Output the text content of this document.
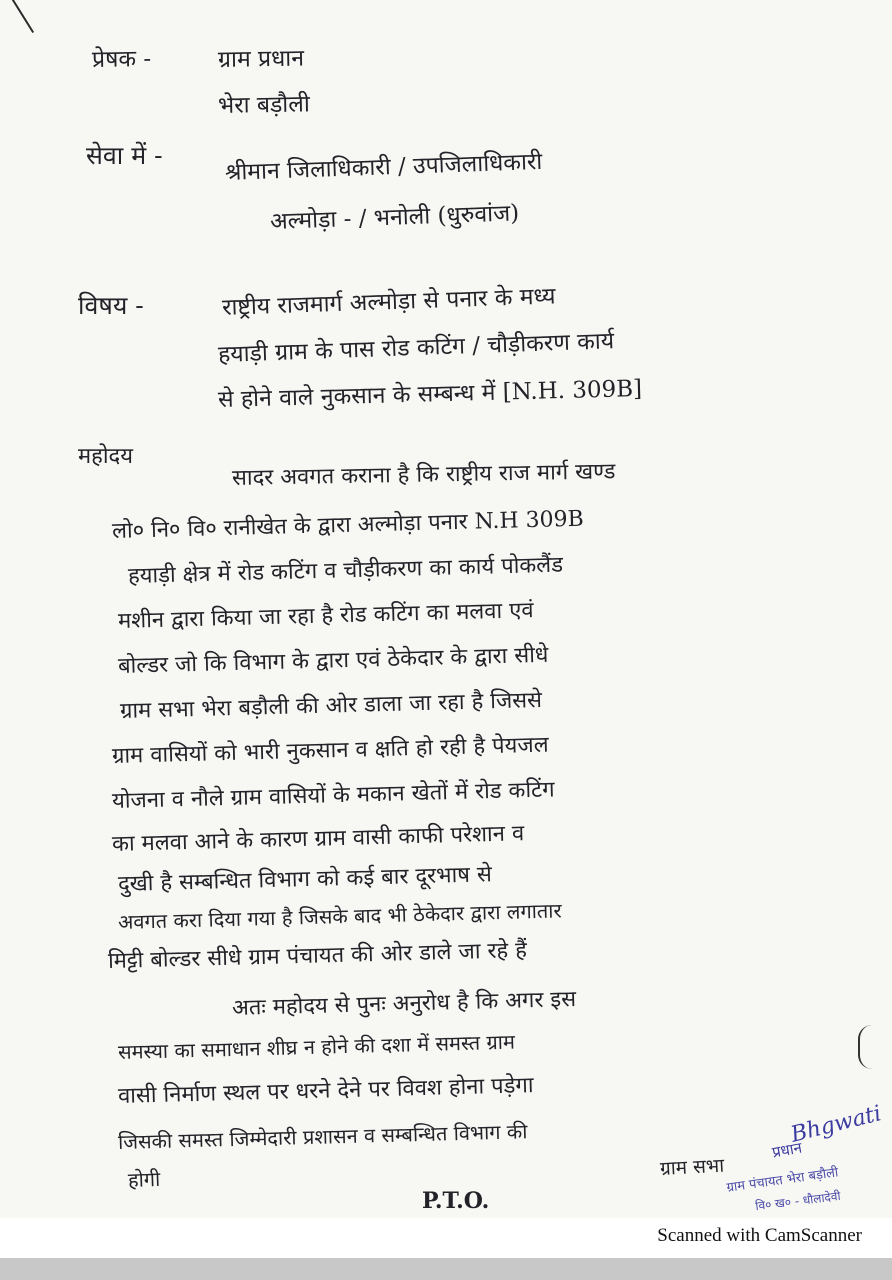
प्रेषक -	ग्राम प्रधान
भेरा बड़ौली
सेवा में -	श्रीमान जिलाधिकारी / उपजिलाधिकारी
अल्मोड़ा - / भनोली (धुरुवांज)
विषय -	राष्ट्रीय राजमार्ग अल्मोड़ा से पनार के मध्य
हयाड़ी ग्राम के पास रोड कटिंग / चौड़ीकरण कार्य
से होने वाले नुकसान के सम्बन्ध में [N.H. 309B]
महोदय
सादर अवगत कराना है कि राष्ट्रीय राज मार्ग खण्ड
लो० नि० वि० रानीखेत के द्वारा अल्मोड़ा पनार N.H 309B
हयाड़ी क्षेत्र में रोड कटिंग व चौड़ीकरण का कार्य पोकलैंड
मशीन द्वारा किया जा रहा है रोड कटिंग का मलवा एवं
बोल्डर जो कि विभाग के द्वारा एवं ठेकेदार के द्वारा सीधे
ग्राम सभा भेरा बड़ौली की ओर डाला जा रहा है जिससे
ग्राम वासियों को भारी नुकसान व क्षति हो रही है पेयजल
योजना व नौले ग्राम वासियों के मकान खेतों में रोड कटिंग
का मलवा आने के कारण ग्राम वासी काफी परेशान व
दुखी है सम्बन्धित विभाग को कई बार दूरभाष से
अवगत करा दिया गया है जिसके बाद भी ठेकेदार द्वारा लगातार
मिट्टी बोल्डर सीधे ग्राम पंचायत की ओर डाले जा रहे हैं
अतः महोदय से पुनः अनुरोध है कि अगर इस
समस्या का समाधान शीघ्र न होने की दशा में समस्त ग्राम
वासी निर्माण स्थल पर धरने देने पर विवश होना पड़ेगा
जिसकी समस्त जिम्मेदारी प्रशासन व सम्बन्धित विभाग की
होगी	ग्राम सभा
Bhgwati
प्रधान
ग्राम पंचायत भेरा बड़ौली
वि० ख० - धौलादेवी
P.T.O.
Scanned with CamScanner
